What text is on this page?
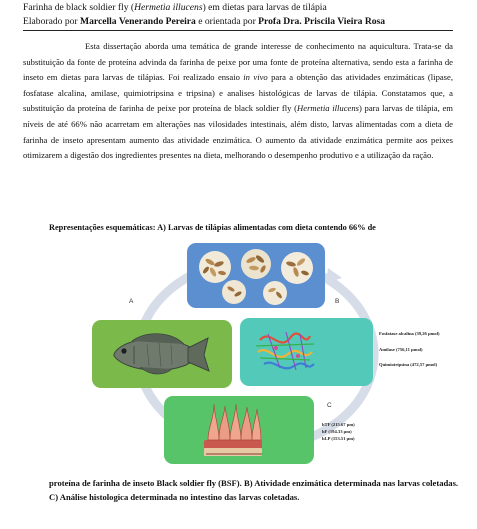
Farinha de black soldier fly (Hermetia illucens) em dietas para larvas de tilápia
Elaborado por Marcella Venerando Pereira e orientada por Profa Dra. Priscila Vieira Rosa

Esta dissertação aborda uma temática de grande interesse de conhecimento na aquicultura. Trata-se da substituição da fonte de proteína advinda da farinha de peixe por uma fonte de proteína alternativa, sendo esta a farinha de inseto em dietas para larvas de tilápias. Foi realizado ensaio in vivo para a obtenção das atividades enzimáticas (lipase, fosfatase alcalina, amilase, quimiotripsina e tripsina) e analises histológicas de larvas de tilápia. Constatamos que, a substituição da proteína de farinha de peixe por proteína de black soldier fly (Hermetia illucens) para larvas de tilápia, em níveis de até 66% não acarretam em alterações nas vilosidades intestinais, além disto, larvas alimentadas com a dieta de farinha de inseto apresentam aumento das atividade enzimática. O aumento da atividade enzimática permite aos peixes otimizarem a digestão dos ingredientes presentes na dieta, melhorando o desempenho produtivo e a utilização da ração.

Representações esquemáticas: A) Larvas de tilápias alimentadas com dieta contendo 66% de
A	B
C
Fosfatase alcalina (39,26 μmol)
Amilase (756,11 μmol)
Quimiotripsina (472,57 μmol)
hTF (215.67 μm)
hF (194.33 μm)
hLP (153.51 μm)

proteína de farinha de inseto Black soldier fly (BSF). B) Atividade enzimática determinada nas larvas coletadas. C) Análise histologica determinada no intestino das larvas coletadas.
